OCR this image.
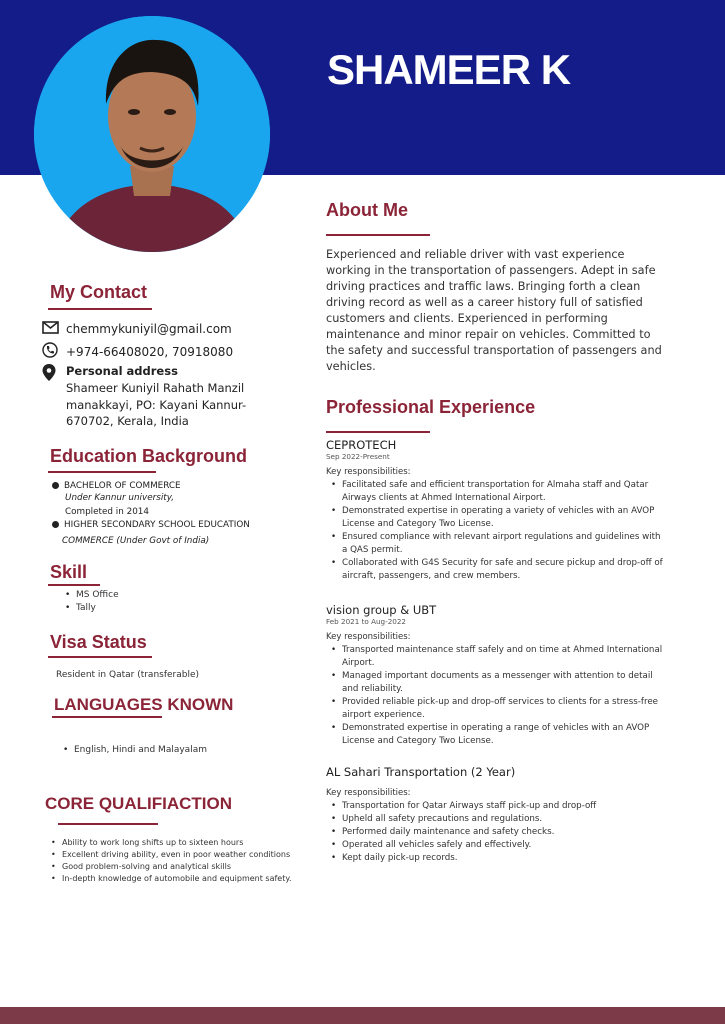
SHAMEER K
My Contact
chemmykuniyil@gmail.com
+974-66408020, 70918080
Personal address
Shameer Kuniyil Rahath Manzil manakkayi, PO: Kayani Kannur- 670702, Kerala, India
Education Background
BACHELOR OF COMMERCE
Under Kannur university,
Completed in 2014
HIGHER SECONDARY SCHOOL EDUCATION
COMMERCE (Under Govt of India)
Skill
• MS Office
• Tally
Visa Status
Resident in Qatar (transferable)
LANGUAGES KNOWN
• English, Hindi and Malayalam
CORE QUALIFIACTION
• Ability to work long shifts up to sixteen hours
• Excellent driving ability, even in poor weather conditions
• Good problem-solving and analytical skills
• In-depth knowledge of automobile and equipment safety.
About Me
Experienced and reliable driver with vast experience working in the transportation of passengers. Adept in safe driving practices and traffic laws. Bringing forth a clean driving record as well as a career history full of satisfied customers and clients. Experienced in performing maintenance and minor repair on vehicles. Committed to the safety and successful transportation of passengers and vehicles.
Professional Experience
CEPROTECH
Sep 2022-Present
Key responsibilities:
• Facilitated safe and efficient transportation for Almaha staff and Qatar Airways clients at Ahmed International Airport.
• Demonstrated expertise in operating a variety of vehicles with an AVOP License and Category Two License.
• Ensured compliance with relevant airport regulations and guidelines with a QAS permit.
• Collaborated with G4S Security for safe and secure pickup and drop-off of aircraft, passengers, and crew members.
vision group & UBT
Feb 2021 to Aug-2022
Key responsibilities:
• Transported maintenance staff safely and on time at Ahmed International Airport.
• Managed important documents as a messenger with attention to detail and reliability.
• Provided reliable pick-up and drop-off services to clients for a stress-free airport experience.
• Demonstrated expertise in operating a range of vehicles with an AVOP License and Category Two License.
AL Sahari Transportation (2 Year)
Key responsibilities:
• Transportation for Qatar Airways staff pick-up and drop-off
• Upheld all safety precautions and regulations.
• Performed daily maintenance and safety checks.
• Operated all vehicles safely and effectively.
• Kept daily pick-up records.
